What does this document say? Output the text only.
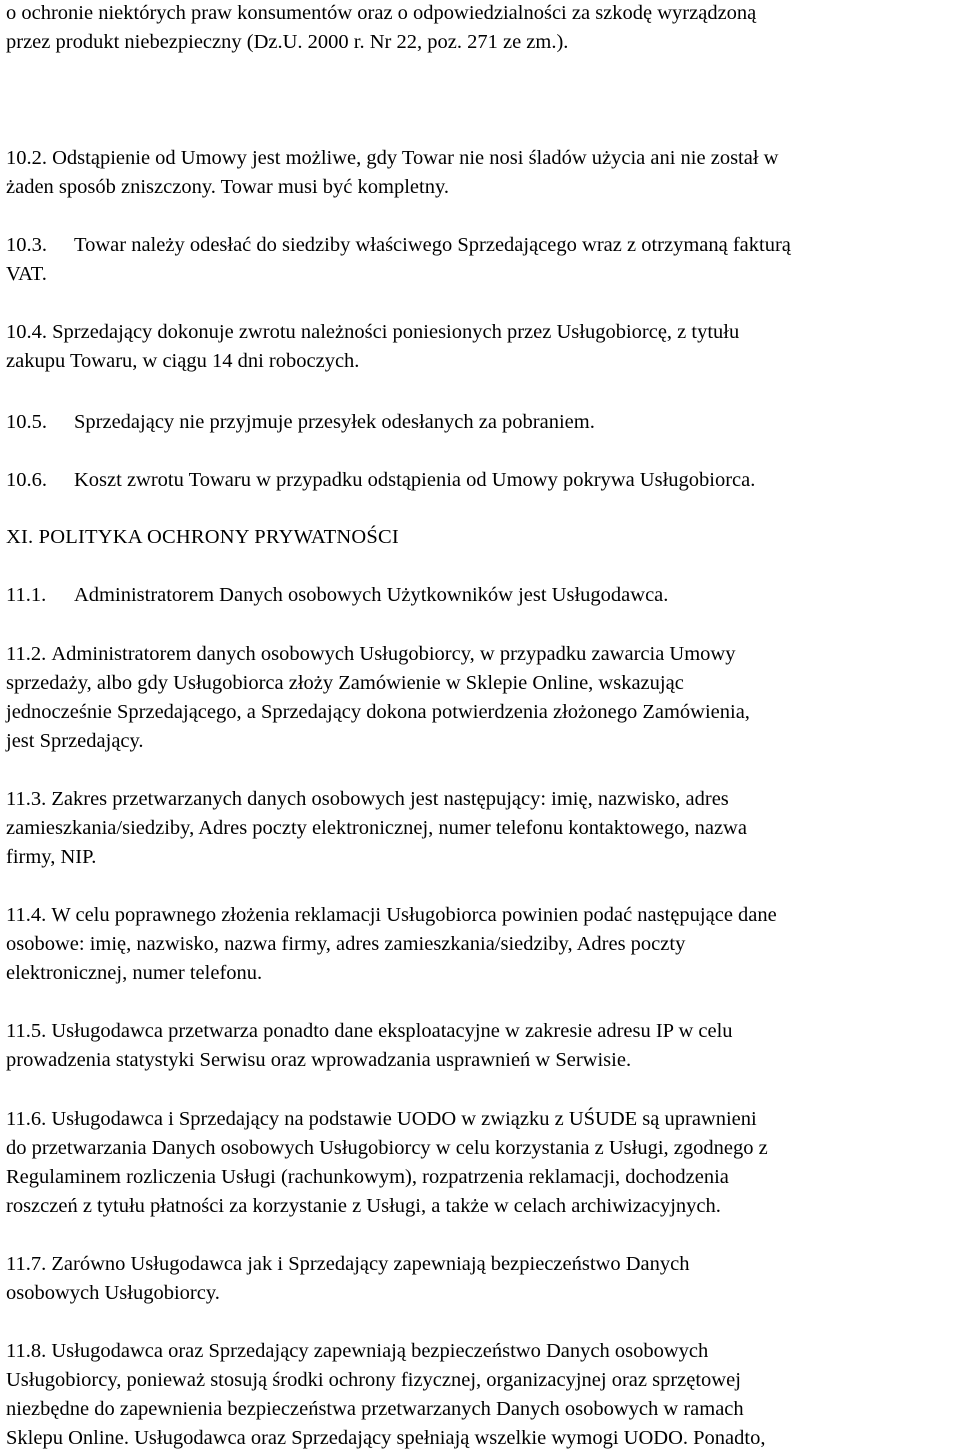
o ochronie niektórych praw konsumentów oraz o odpowiedzialności za szkodę wyrządzoną
przez produkt niebezpieczny (Dz.U. 2000 r. Nr 22, poz. 271 ze zm.).
10.2. Odstąpienie od Umowy jest możliwe, gdy Towar nie nosi śladów użycia ani nie został w
żaden sposób zniszczony. Towar musi być kompletny.
10.3. Towar należy odesłać do siedziby właściwego Sprzedającego wraz z otrzymaną fakturą
VAT.
10.4. Sprzedający dokonuje zwrotu należności poniesionych przez Usługobiorcę, z tytułu
zakupu Towaru, w ciągu 14 dni roboczych.
10.5. Sprzedający nie przyjmuje przesyłek odesłanych za pobraniem.
10.6. Koszt zwrotu Towaru w przypadku odstąpienia od Umowy pokrywa Usługobiorca.
XI. POLITYKA OCHRONY PRYWATNOŚCI
11.1. Administratorem Danych osobowych Użytkowników jest Usługodawca.
11.2. Administratorem danych osobowych Usługobiorcy, w przypadku zawarcia Umowy
sprzedaży, albo gdy Usługobiorca złoży Zamówienie w Sklepie Online, wskazując
jednocześnie Sprzedającego, a Sprzedający dokona potwierdzenia złożonego Zamówienia,
jest Sprzedający.
11.3. Zakres przetwarzanych danych osobowych jest następujący: imię, nazwisko, adres
zamieszkania/siedziby, Adres poczty elektronicznej, numer telefonu kontaktowego, nazwa
firmy, NIP.
11.4. W celu poprawnego złożenia reklamacji Usługobiorca powinien podać następujące dane
osobowe: imię, nazwisko, nazwa firmy, adres zamieszkania/siedziby, Adres poczty
elektronicznej, numer telefonu.
11.5. Usługodawca przetwarza ponadto dane eksploatacyjne w zakresie adresu IP w celu
prowadzenia statystyki Serwisu oraz wprowadzania usprawnień w Serwisie.
11.6. Usługodawca i Sprzedający na podstawie UODO w związku z UŚUDE są uprawnieni
do przetwarzania Danych osobowych Usługobiorcy w celu korzystania z Usługi, zgodnego z
Regulaminem rozliczenia Usługi (rachunkowym), rozpatrzenia reklamacji, dochodzenia
roszczeń z tytułu płatności za korzystanie z Usługi, a także w celach archiwizacyjnych.
11.7. Zarówno Usługodawca jak i Sprzedający zapewniają bezpieczeństwo Danych
osobowych Usługobiorcy.
11.8. Usługodawca oraz Sprzedający zapewniają bezpieczeństwo Danych osobowych
Usługobiorcy, ponieważ stosują środki ochrony fizycznej, organizacyjnej oraz sprzętowej
niezbędne do zapewnienia bezpieczeństwa przetwarzanych Danych osobowych w ramach
Sklepu Online. Usługodawca oraz Sprzedający spełniają wszelkie wymogi UODO. Ponadto,
